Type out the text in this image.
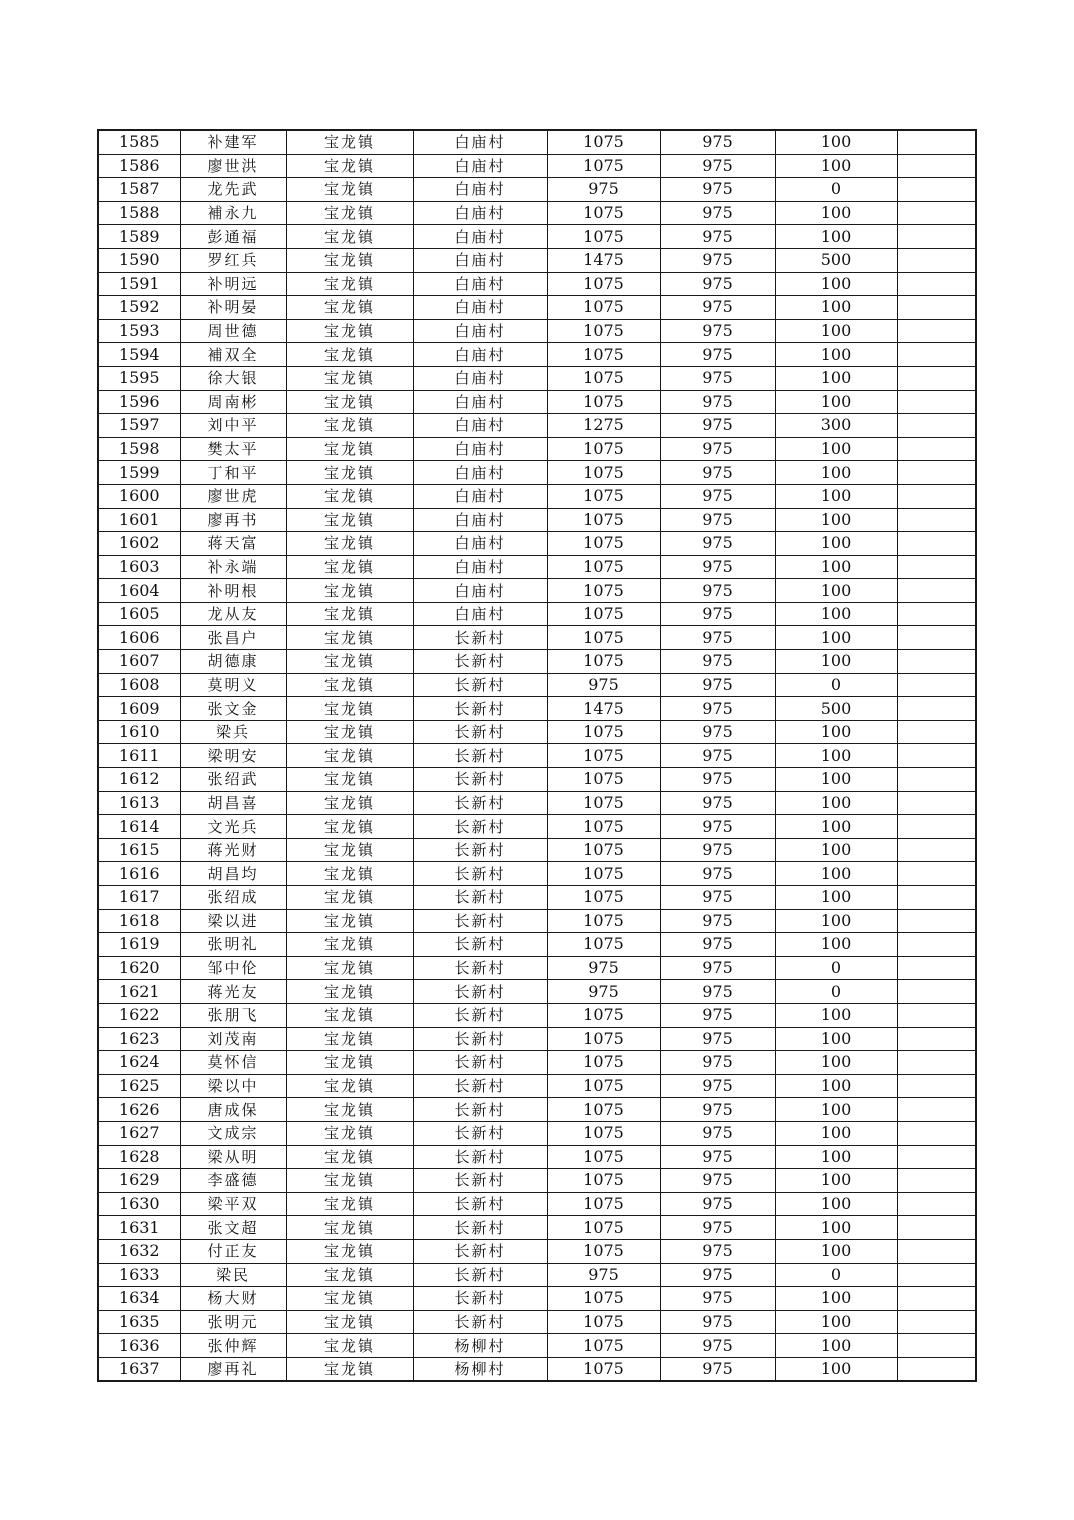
1585	补建军	宝龙镇	白庙村	1075	975	100	
1586	廖世洪	宝龙镇	白庙村	1075	975	100	
1587	龙先武	宝龙镇	白庙村	975	975	0	
1588	補永九	宝龙镇	白庙村	1075	975	100	
1589	彭通福	宝龙镇	白庙村	1075	975	100	
1590	罗红兵	宝龙镇	白庙村	1475	975	500	
1591	补明远	宝龙镇	白庙村	1075	975	100	
1592	补明晏	宝龙镇	白庙村	1075	975	100	
1593	周世德	宝龙镇	白庙村	1075	975	100	
1594	補双全	宝龙镇	白庙村	1075	975	100	
1595	徐大银	宝龙镇	白庙村	1075	975	100	
1596	周南彬	宝龙镇	白庙村	1075	975	100	
1597	刘中平	宝龙镇	白庙村	1275	975	300	
1598	樊太平	宝龙镇	白庙村	1075	975	100	
1599	丁和平	宝龙镇	白庙村	1075	975	100	
1600	廖世虎	宝龙镇	白庙村	1075	975	100	
1601	廖再书	宝龙镇	白庙村	1075	975	100	
1602	蒋天富	宝龙镇	白庙村	1075	975	100	
1603	补永端	宝龙镇	白庙村	1075	975	100	
1604	补明根	宝龙镇	白庙村	1075	975	100	
1605	龙从友	宝龙镇	白庙村	1075	975	100	
1606	张昌户	宝龙镇	长新村	1075	975	100	
1607	胡德康	宝龙镇	长新村	1075	975	100	
1608	莫明义	宝龙镇	长新村	975	975	0	
1609	张文金	宝龙镇	长新村	1475	975	500	
1610	梁兵	宝龙镇	长新村	1075	975	100	
1611	梁明安	宝龙镇	长新村	1075	975	100	
1612	张绍武	宝龙镇	长新村	1075	975	100	
1613	胡昌喜	宝龙镇	长新村	1075	975	100	
1614	文光兵	宝龙镇	长新村	1075	975	100	
1615	蒋光财	宝龙镇	长新村	1075	975	100	
1616	胡昌均	宝龙镇	长新村	1075	975	100	
1617	张绍成	宝龙镇	长新村	1075	975	100	
1618	梁以进	宝龙镇	长新村	1075	975	100	
1619	张明礼	宝龙镇	长新村	1075	975	100	
1620	邹中伦	宝龙镇	长新村	975	975	0	
1621	蒋光友	宝龙镇	长新村	975	975	0	
1622	张朋飞	宝龙镇	长新村	1075	975	100	
1623	刘茂南	宝龙镇	长新村	1075	975	100	
1624	莫怀信	宝龙镇	长新村	1075	975	100	
1625	梁以中	宝龙镇	长新村	1075	975	100	
1626	唐成保	宝龙镇	长新村	1075	975	100	
1627	文成宗	宝龙镇	长新村	1075	975	100	
1628	梁从明	宝龙镇	长新村	1075	975	100	
1629	李盛德	宝龙镇	长新村	1075	975	100	
1630	梁平双	宝龙镇	长新村	1075	975	100	
1631	张文超	宝龙镇	长新村	1075	975	100	
1632	付正友	宝龙镇	长新村	1075	975	100	
1633	梁民	宝龙镇	长新村	975	975	0	
1634	杨大财	宝龙镇	长新村	1075	975	100	
1635	张明元	宝龙镇	长新村	1075	975	100	
1636	张仲辉	宝龙镇	杨柳村	1075	975	100	
1637	廖再礼	宝龙镇	杨柳村	1075	975	100	
